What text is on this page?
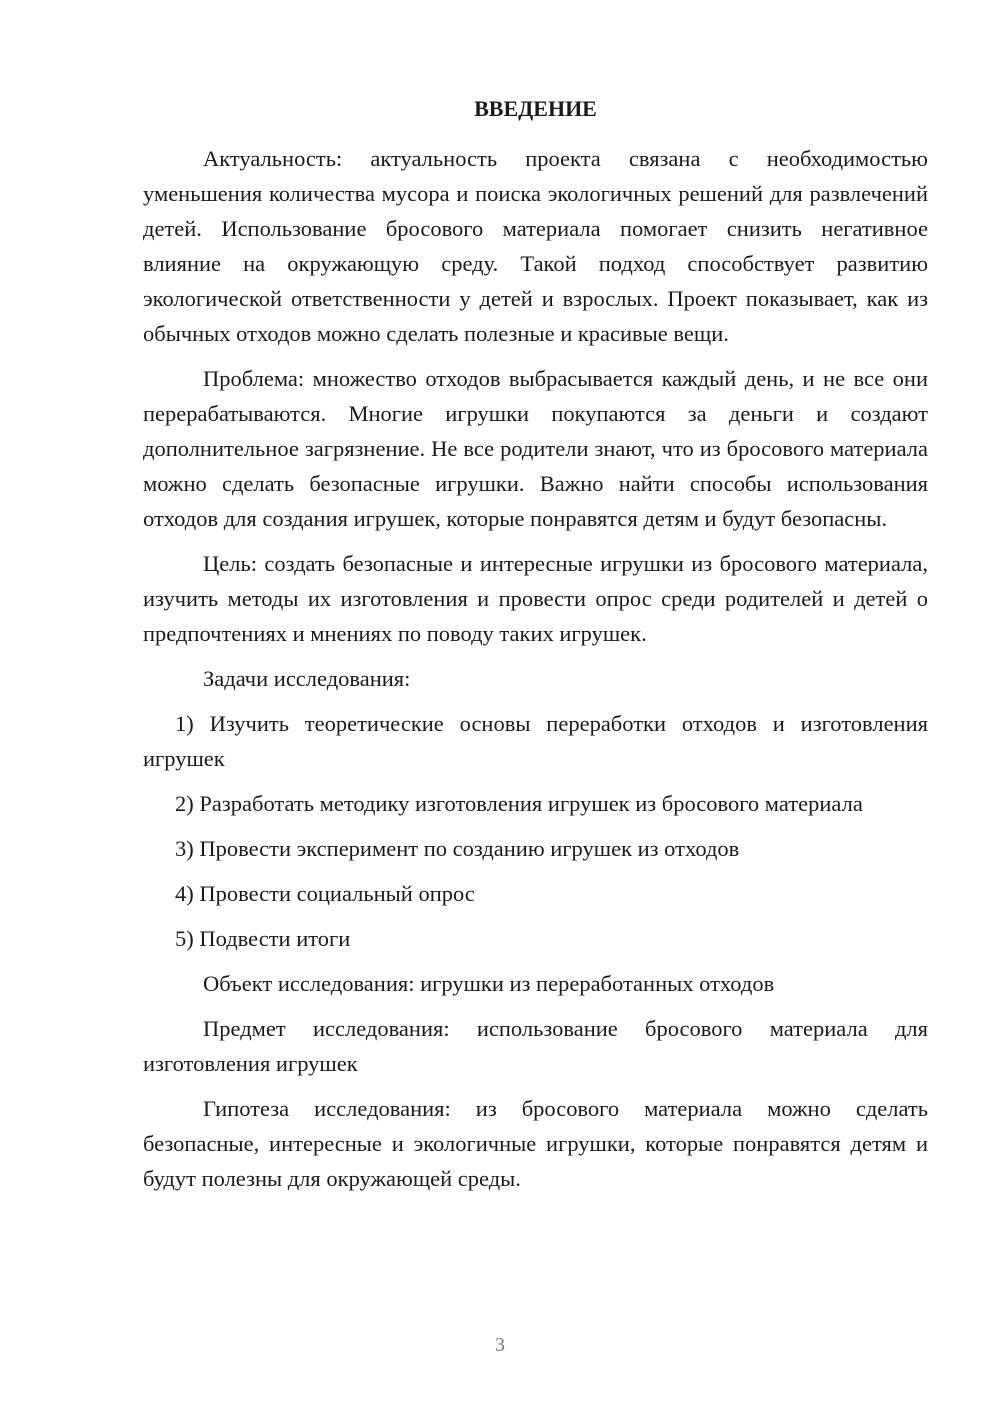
ВВЕДЕНИЕ

Актуальность: актуальность проекта связана с необходимостью уменьшения количества мусора и поиска экологичных решений для развлечений детей. Использование бросового материала помогает снизить негативное влияние на окружающую среду. Такой подход способствует развитию экологической ответственности у детей и взрослых. Проект показывает, как из обычных отходов можно сделать полезные и красивые вещи.

Проблема: множество отходов выбрасывается каждый день, и не все они перерабатываются. Многие игрушки покупаются за деньги и создают дополнительное загрязнение. Не все родители знают, что из бросового материала можно сделать безопасные игрушки. Важно найти способы использования отходов для создания игрушек, которые понравятся детям и будут безопасны.

Цель: создать безопасные и интересные игрушки из бросового материала, изучить методы их изготовления и провести опрос среди родителей и детей о предпочтениях и мнениях по поводу таких игрушек.

Задачи исследования:

1) Изучить теоретические основы переработки отходов и изготовления игрушек

2) Разработать методику изготовления игрушек из бросового материала

3) Провести эксперимент по созданию игрушек из отходов

4) Провести социальный опрос

5) Подвести итоги

Объект исследования: игрушки из переработанных отходов

Предмет исследования: использование бросового материала для изготовления игрушек

Гипотеза исследования: из бросового материала можно сделать безопасные, интересные и экологичные игрушки, которые понравятся детям и будут полезны для окружающей среды.

3
